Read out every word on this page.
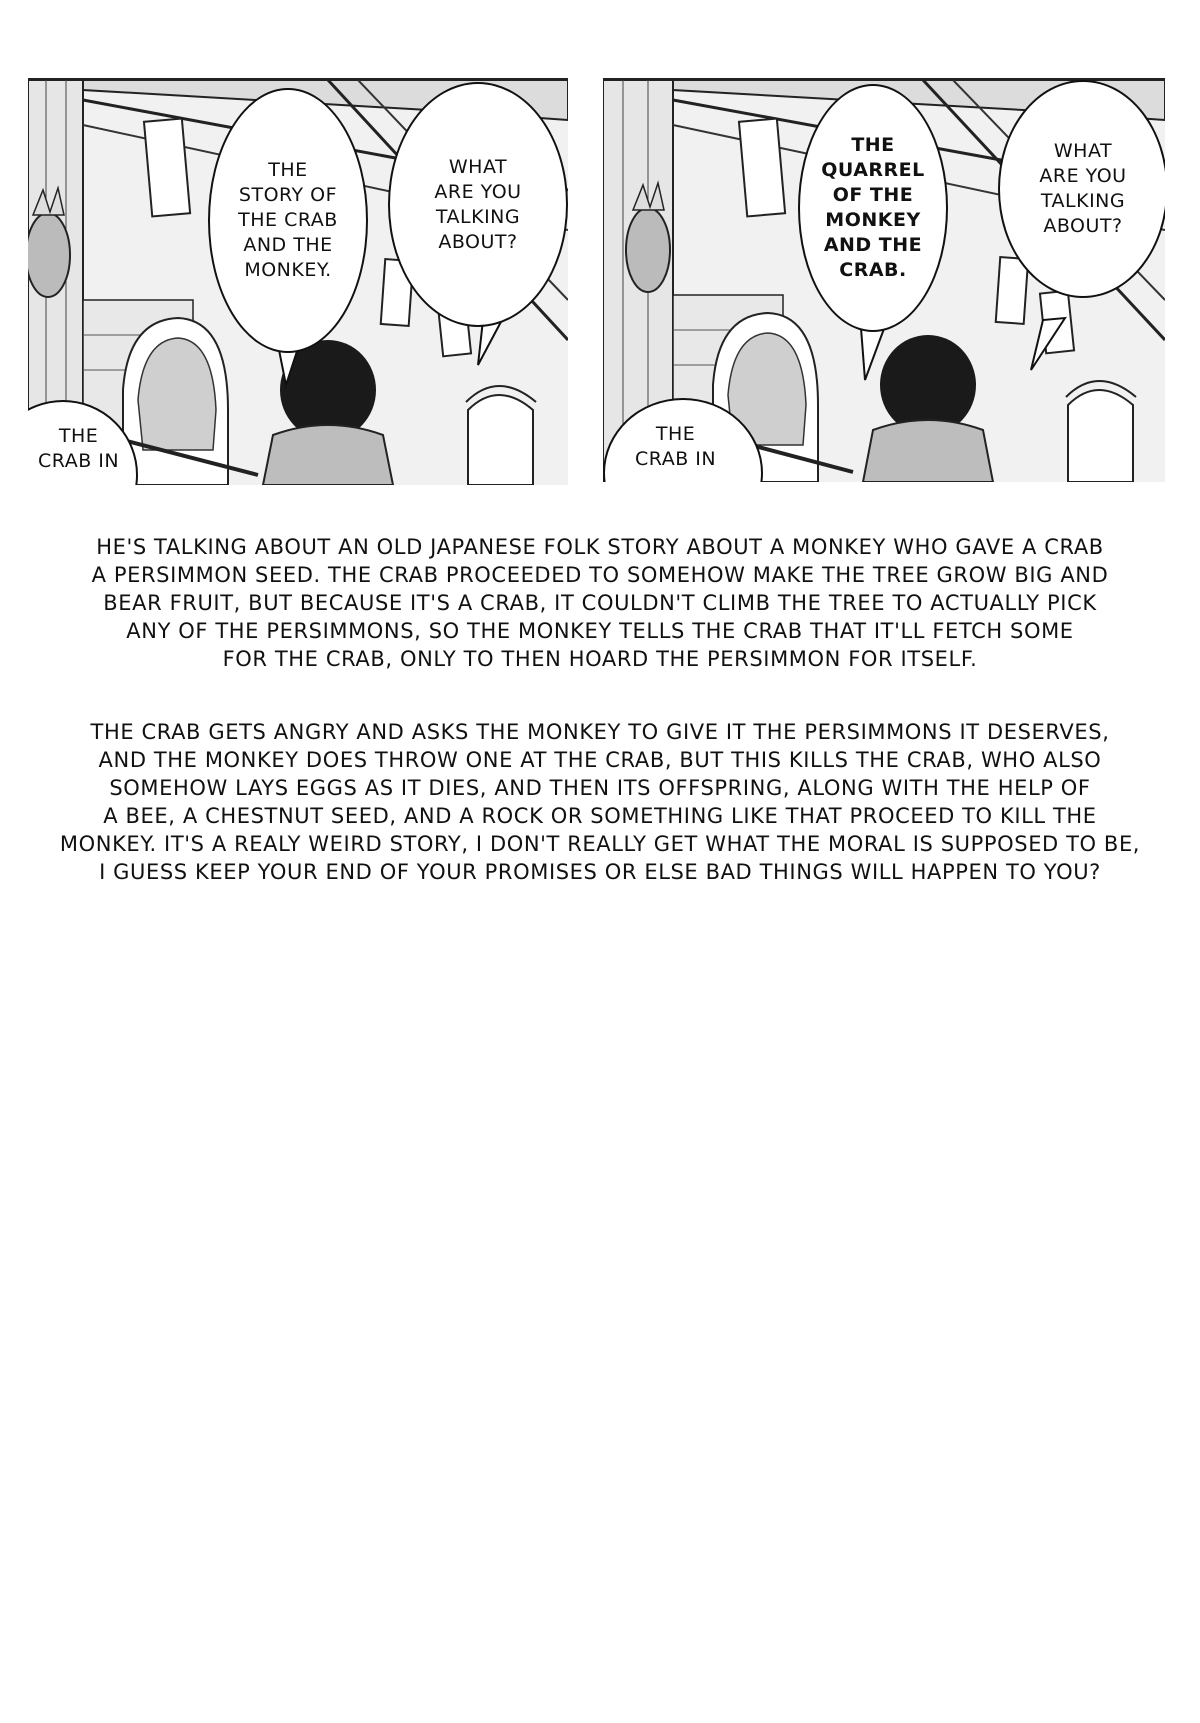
THE
STORY OF
THE CRAB
AND THE
MONKEY.
WHAT
ARE YOU
TALKING
ABOUT?
THE
CRAB IN
THE
QUARREL
OF THE
MONKEY
AND THE
CRAB.
WHAT
ARE YOU
TALKING
ABOUT?
THE
CRAB IN

HE'S TALKING ABOUT AN OLD JAPANESE FOLK STORY ABOUT A MONKEY WHO GAVE A CRAB
A PERSIMMON SEED. THE CRAB PROCEEDED TO SOMEHOW MAKE THE TREE GROW BIG AND
BEAR FRUIT, BUT BECAUSE IT'S A CRAB, IT COULDN'T CLIMB THE TREE TO ACTUALLY PICK
ANY OF THE PERSIMMONS, SO THE MONKEY TELLS THE CRAB THAT IT'LL FETCH SOME
FOR THE CRAB, ONLY TO THEN HOARD THE PERSIMMON FOR ITSELF.

THE CRAB GETS ANGRY AND ASKS THE MONKEY TO GIVE IT THE PERSIMMONS IT DESERVES,
AND THE MONKEY DOES THROW ONE AT THE CRAB, BUT THIS KILLS THE CRAB, WHO ALSO
SOMEHOW LAYS EGGS AS IT DIES, AND THEN ITS OFFSPRING, ALONG WITH THE HELP OF
A BEE, A CHESTNUT SEED, AND A ROCK OR SOMETHING LIKE THAT PROCEED TO KILL THE
MONKEY. IT'S A REALY WEIRD STORY, I DON'T REALLY GET WHAT THE MORAL IS SUPPOSED TO BE,
I GUESS KEEP YOUR END OF YOUR PROMISES OR ELSE BAD THINGS WILL HAPPEN TO YOU?
